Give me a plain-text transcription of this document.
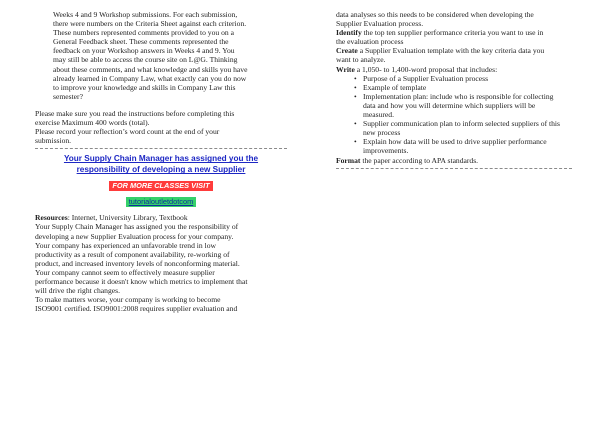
Weeks 4 and 9 Workshop submissions. For each submission,
there were numbers on the Criteria Sheet against each criterion.
These numbers represented comments provided to you on a
General Feedback sheet. These comments represented the
feedback on your Workshop answers in Weeks 4 and 9. You
may still be able to access the course site on L@G. Thinking
about these comments, and what knowledge and skills you have
already learned in Company Law, what exactly can you do now
to improve your knowledge and skills in Company Law this
semester?
Please make sure you read the instructions before completing this
exercise Maximum 400 words (total).
Please record your reflection’s word count at the end of your
submission.
Your Supply Chain Manager has assigned you the responsibility of developing a new Supplier
FOR MORE CLASSES VISIT
tutorialoutletdotcom
Resources: Internet, University Library, Textbook
Your Supply Chain Manager has assigned you the responsibility of
developing a new Supplier Evaluation process for your company.
Your company has experienced an unfavorable trend in low
productivity as a result of component availability, re-working of
product, and increased inventory levels of nonconforming material.
Your company cannot seem to effectively measure supplier
performance because it doesn't know which metrics to implement that
will drive the right changes.
To make matters worse, your company is working to become
ISO9001 certified. ISO9001:2008 requires supplier evaluation and
data analyses so this needs to be considered when developing the
Supplier Evaluation process.
Identify the top ten supplier performance criteria you want to use in
the evaluation process
Create a Supplier Evaluation template with the key criteria data you
want to analyze.
Write a 1,050- to 1,400-word proposal that includes:
• Purpose of a Supplier Evaluation process
• Example of template
• Implementation plan: include who is responsible for collecting
data and how you will determine which suppliers will be
measured.
• Supplier communication plan to inform selected suppliers of this
new process
• Explain how data will be used to drive supplier performance
improvements.
Format the paper according to APA standards.
